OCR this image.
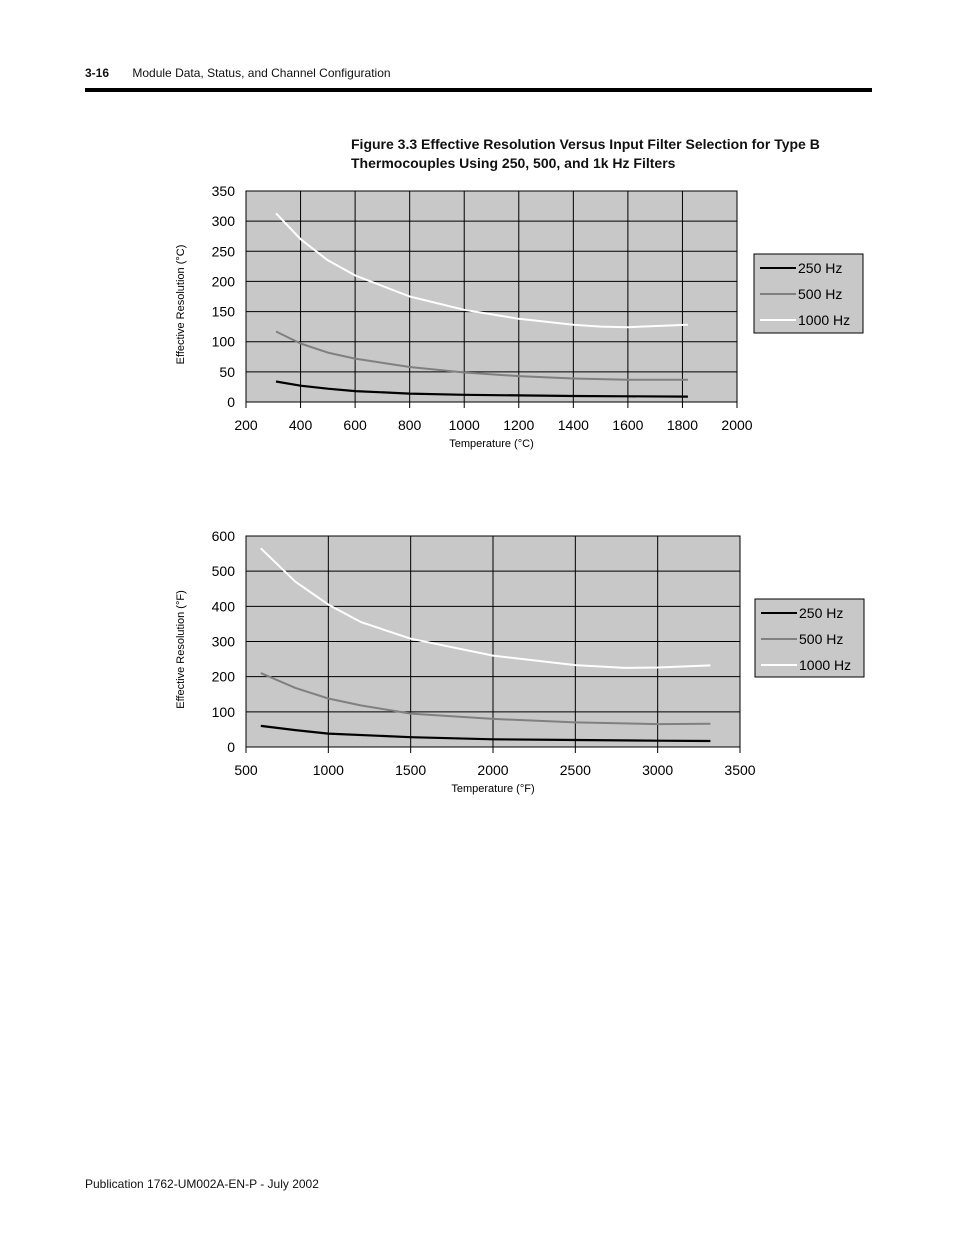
3-16 Module Data, Status, and Channel Configuration
Figure 3.3 Effective Resolution Versus Input Filter Selection for Type B
Thermocouples Using 250, 500, and 1k Hz Filters
0
50
100
150
200
250
300
350
200 400 600 800 1000 1200 1400 1600 1800 2000
Temperature (°C)
Effective Resolution (°C)	250 Hz
500 Hz
1000 Hz
0
100
200
300
400
500
600
500	1000	1500	2000	2500	3000	3500
Temperature (°F)
Effective Resolution (°F)	250 Hz
500 Hz
1000 Hz
Publication 1762-UM002A-EN-P - July 2002
